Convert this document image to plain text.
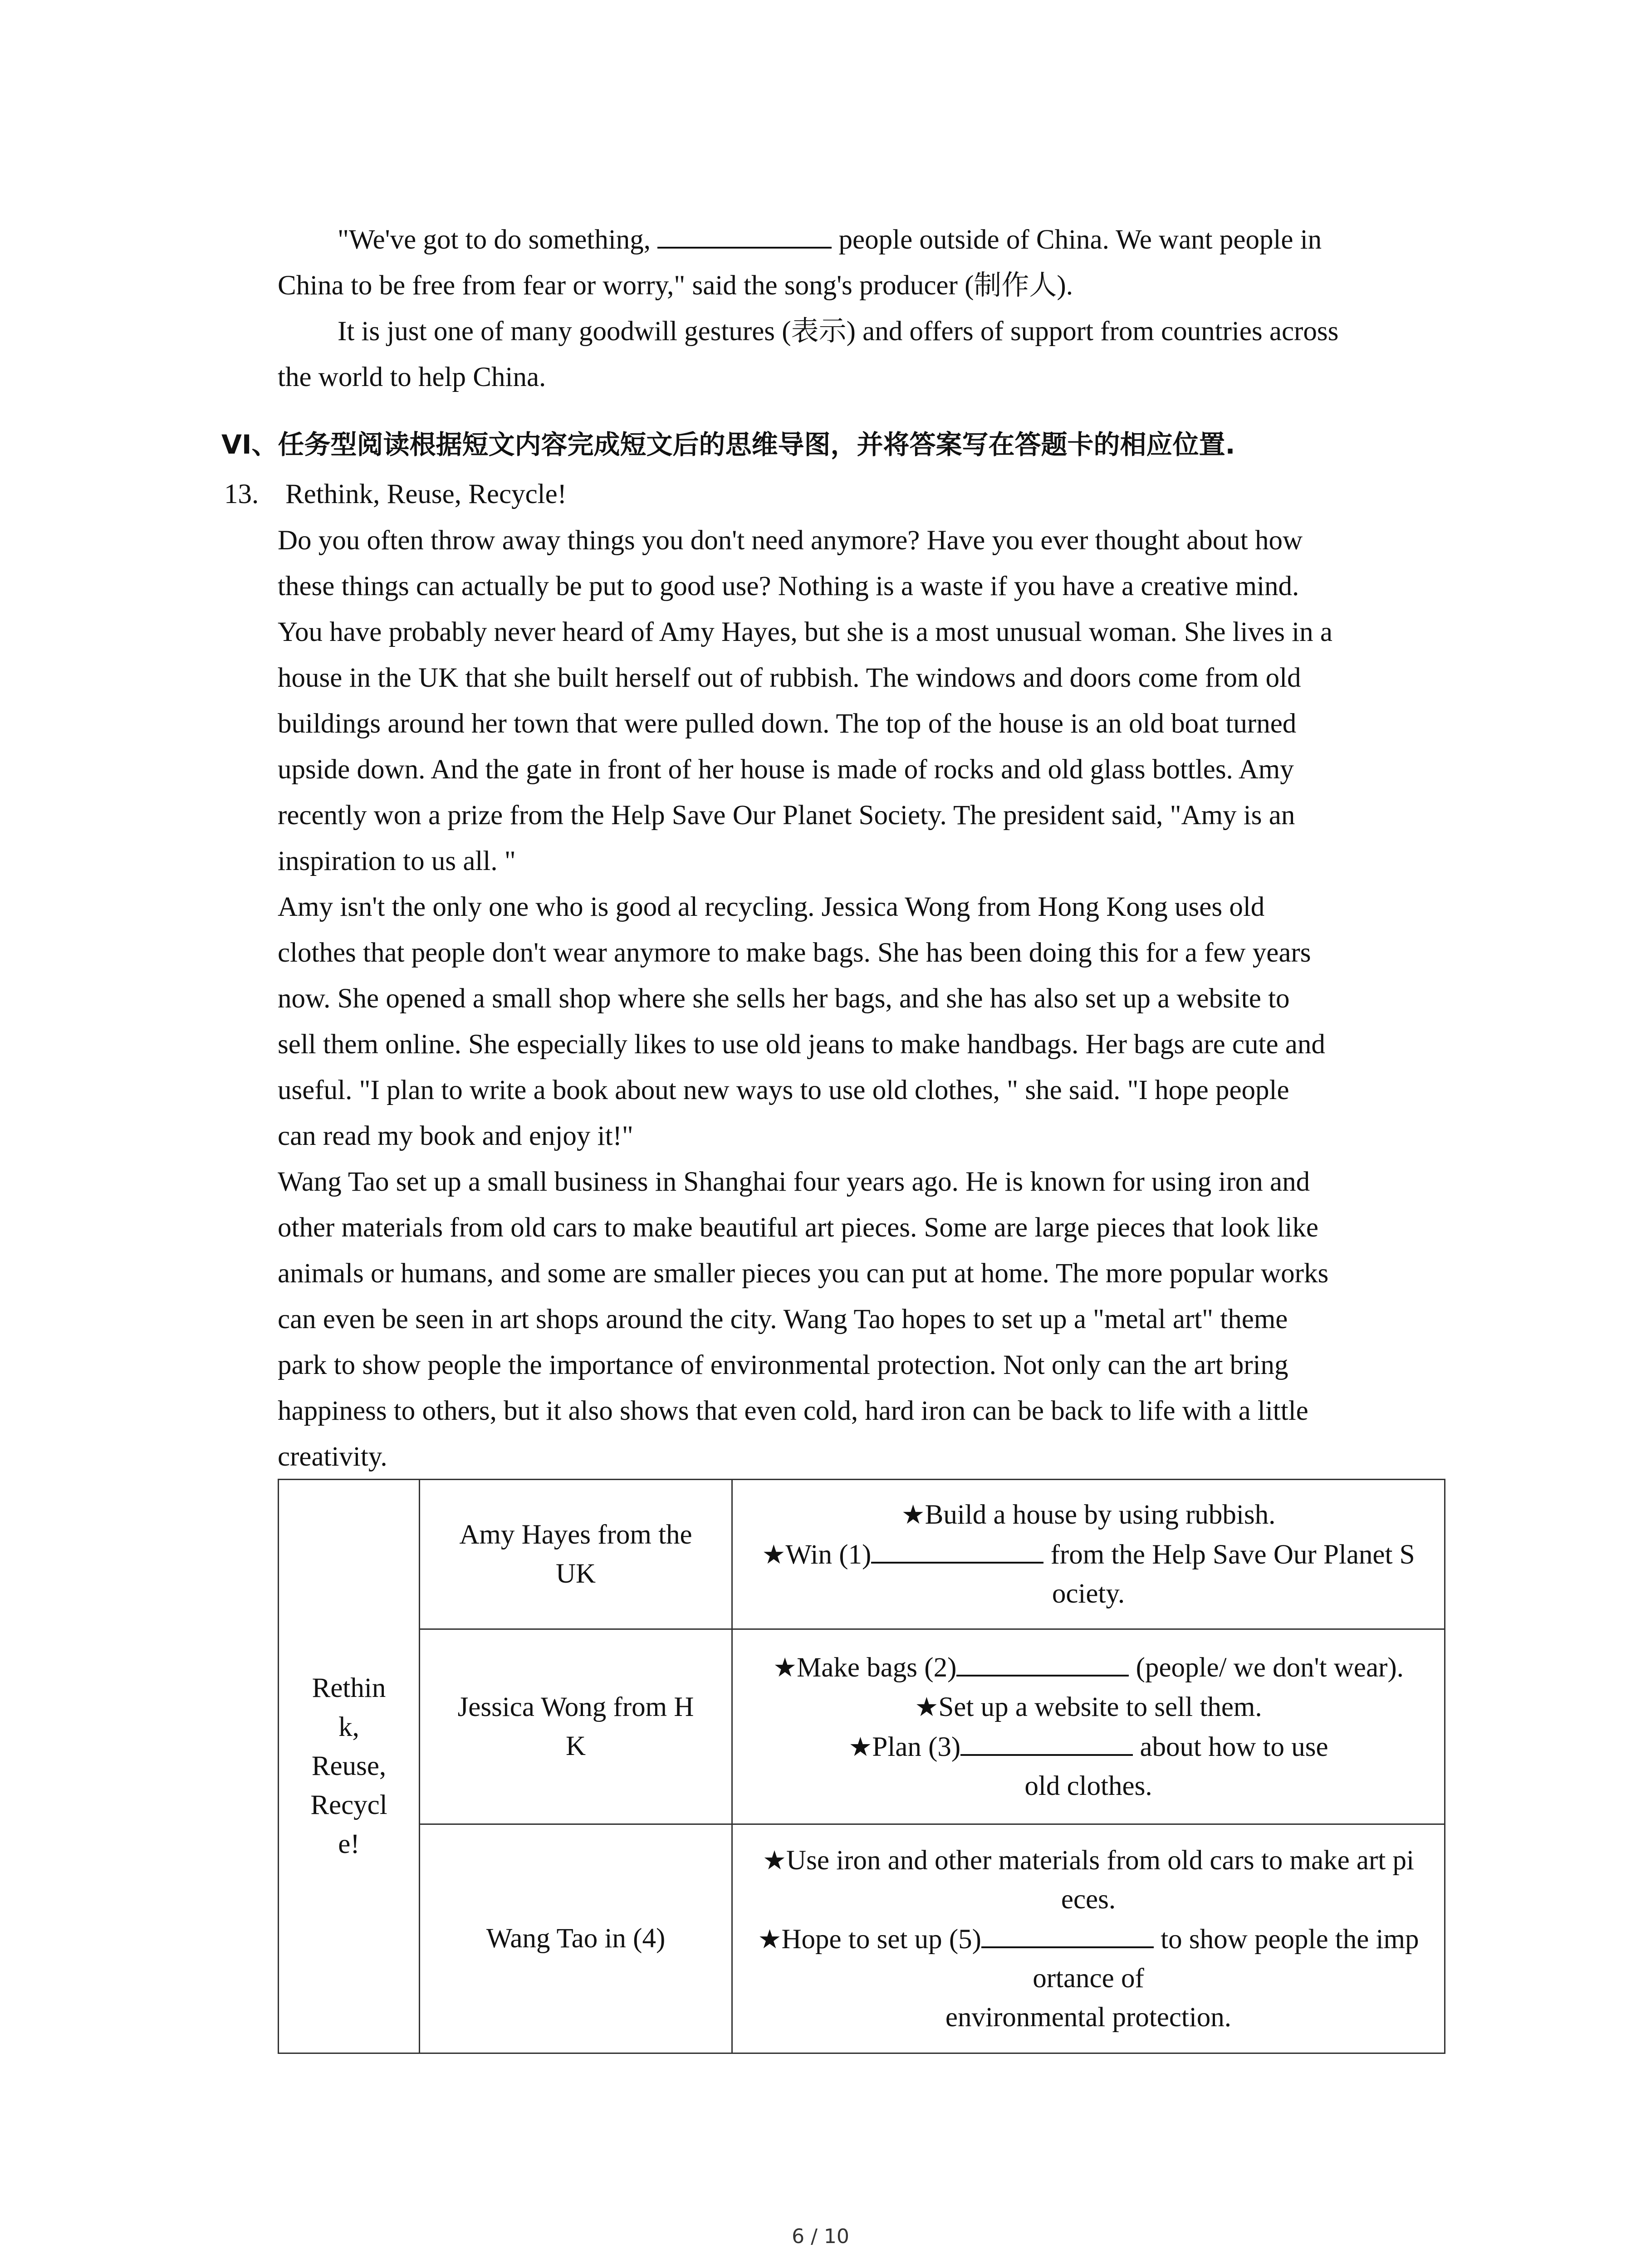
"We've got to do something,	people outside of China. We want people in
China to be free from fear or worry," said the song's producer (制作人).
It is just one of many goodwill gestures (表示) and offers of support from countries across
the world to help China.
VI、任务型阅读根据短文内容完成短文后的思维导图，并将答案写在答题卡的相应位置.
13. Rethink, Reuse, Recycle!
Do you often throw away things you don't need anymore? Have you ever thought about how
these things can actually be put to good use? Nothing is a waste if you have a creative mind.
You have probably never heard of Amy Hayes, but she is a most unusual woman. She lives in a
house in the UK that she built herself out of rubbish. The windows and doors come from old
buildings around her town that were pulled down. The top of the house is an old boat turned
upside down. And the gate in front of her house is made of rocks and old glass bottles. Amy
recently won a prize from the Help Save Our Planet Society. The president said, "Amy is an
inspiration to us all. "
Amy isn't the only one who is good al recycling. Jessica Wong from Hong Kong uses old
clothes that people don't wear anymore to make bags. She has been doing this for a few years
now. She opened a small shop where she sells her bags, and she has also set up a website to
sell them online. She especially likes to use old jeans to make handbags. Her bags are cute and
useful. "I plan to write a book about new ways to use old clothes, " she said. "I hope people
can read my book and enjoy it!"
Wang Tao set up a small business in Shanghai four years ago. He is known for using iron and
other materials from old cars to make beautiful art pieces. Some are large pieces that look like
animals or humans, and some are smaller pieces you can put at home. The more popular works
can even be seen in art shops around the city. Wang Tao hopes to set up a "metal art" theme
park to show people the importance of environmental protection. Not only can the art bring
happiness to others, but it also shows that even cold, hard iron can be back to life with a little
creativity.
Rethin
k,
Reuse,
Recycl
e!	Amy Hayes from the
UK	★Build a house by using rubbish.
★Win (1) from the Help Save Our Planet S
ociety.

	Jessica Wong from H
K	★Make bags (2) (people/ we don't wear).
★Set up a website to sell them.
★Plan (3) about how to use
old clothes.

	Wang Tao in (4)	★Use iron and other materials from old cars to make art pi
eces.
★Hope to set up (5) to show people the imp
ortance of
environmental protection.
6 / 10
